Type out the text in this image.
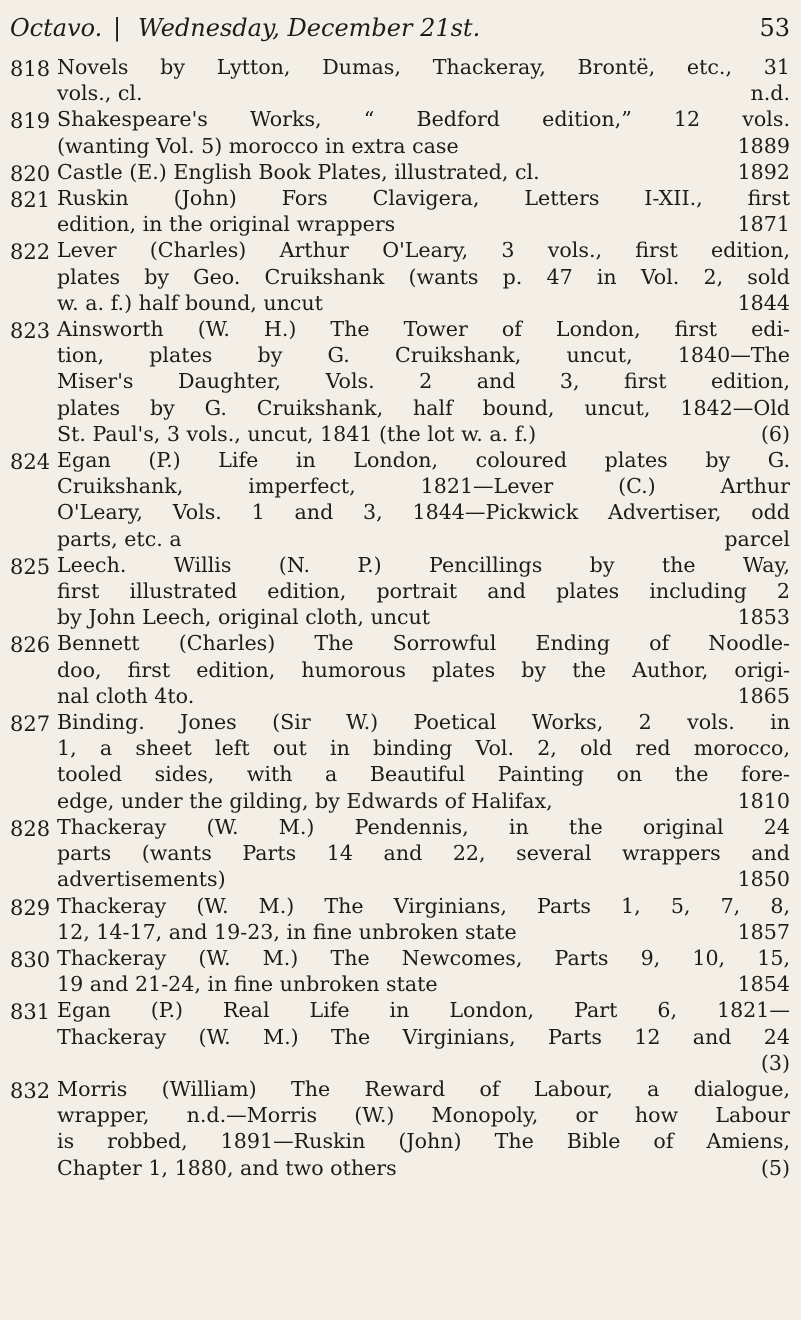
Octavo. | Wednesday, December 21st.	53
818 Novels by Lytton, Dumas, Thackeray, Brontë, etc., 31
vols., cl.	n.d.
819 Shakespeare's Works, “ Bedford edition,” 12 vols.
(wanting Vol. 5) morocco in extra case	1889
820 Castle (E.) English Book Plates, illustrated, cl.	1892
821 Ruskin (John) Fors Clavigera, Letters I-XII., first
edition, in the original wrappers	1871
822 Lever (Charles) Arthur O'Leary, 3 vols., first edition,
plates by Geo. Cruikshank (wants p. 47 in Vol. 2, sold
w. a. f.) half bound, uncut	1844
823 Ainsworth (W. H.) The Tower of London, first edi-
tion, plates by G. Cruikshank, uncut, 1840—The
Miser's Daughter, Vols. 2 and 3, first edition,
plates by G. Cruikshank, half bound, uncut, 1842—Old
St. Paul's, 3 vols., uncut, 1841 (the lot w. a. f.)	(6)
824 Egan (P.) Life in London, coloured plates by G.
Cruikshank, imperfect, 1821—Lever (C.) Arthur
O'Leary, Vols. 1 and 3, 1844—Pickwick Advertiser, odd
parts, etc. a	parcel
825 Leech. Willis (N. P.) Pencillings by the Way,
first illustrated edition, portrait and plates including 2
by John Leech, original cloth, uncut	1853
826 Bennett (Charles) The Sorrowful Ending of Noodle-
doo, first edition, humorous plates by the Author, origi-
nal cloth 4to.	1865
827 Binding. Jones (Sir W.) Poetical Works, 2 vols. in
1, a sheet left out in binding Vol. 2, old red morocco,
tooled sides, with a Beautiful Painting on the fore-
edge, under the gilding, by Edwards of Halifax,	1810
828 Thackeray (W. M.) Pendennis, in the original 24
parts (wants Parts 14 and 22, several wrappers and
advertisements)	1850
829 Thackeray (W. M.) The Virginians, Parts 1, 5, 7, 8,
12, 14-17, and 19-23, in fine unbroken state	1857
830 Thackeray (W. M.) The Newcomes, Parts 9, 10, 15,
19 and 21-24, in fine unbroken state	1854
831 Egan (P.) Real Life in London, Part 6, 1821—
Thackeray (W. M.) The Virginians, Parts 12 and 24
(3)
832 Morris (William) The Reward of Labour, a dialogue,
wrapper, n.d.—Morris (W.) Monopoly, or how Labour
is robbed, 1891—Ruskin (John) The Bible of Amiens,
Chapter 1, 1880, and two others	(5)
